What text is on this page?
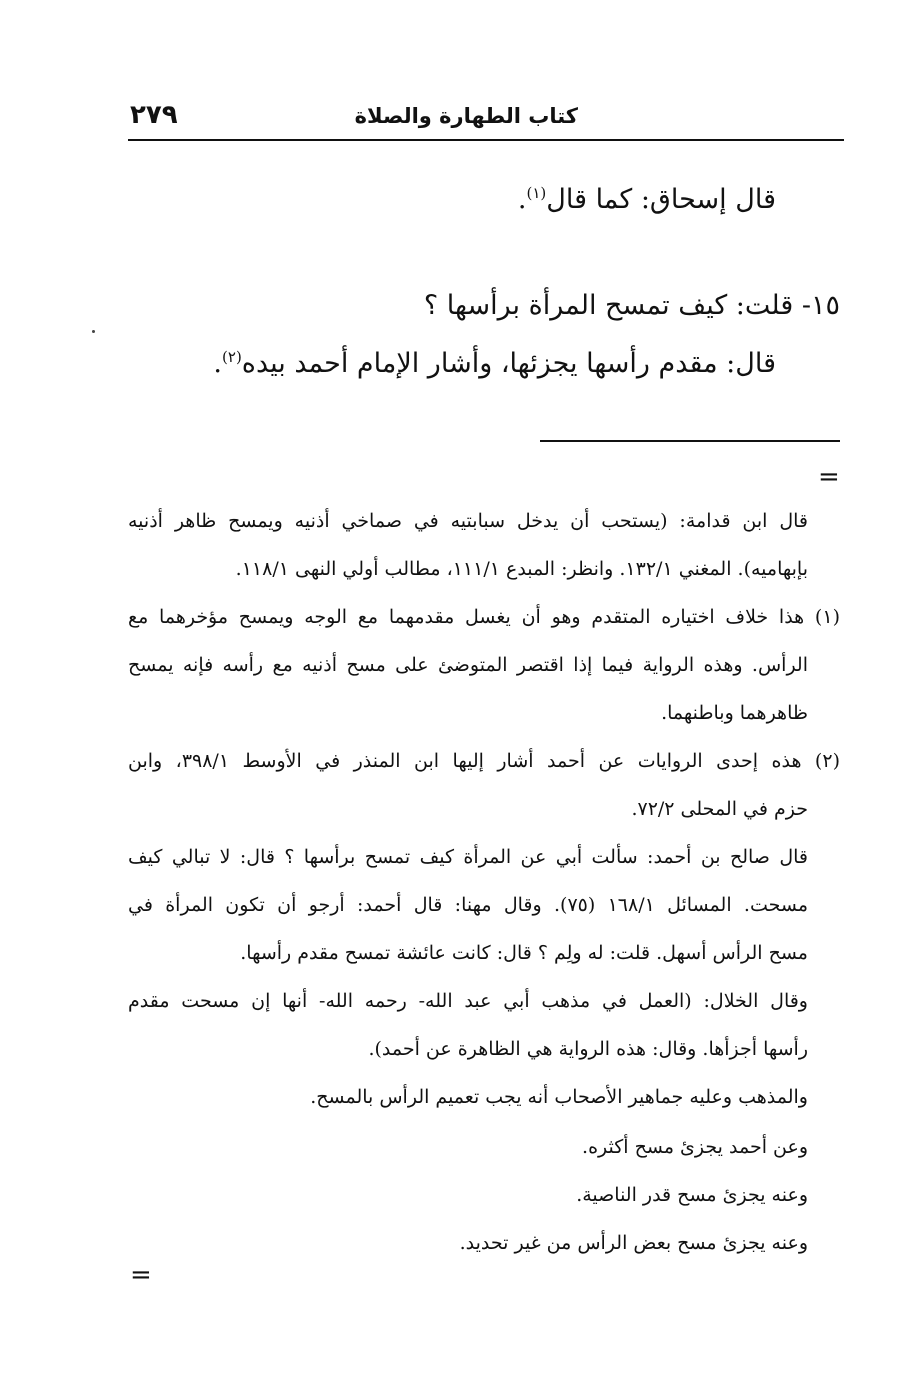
كتاب الطهارة والصلاة
٢٧٩
قال إسحاق: كما قال$^{(١)}$.
١٥- قلت: كيف تمسح المرأة برأسها ؟
قال: مقدم رأسها يجزئها، وأشار الإمام أحمد بيده$^{(٢)}$.
=
قال ابن قدامة: (يستحب أن يدخل سبابتيه في صماخي أذنيه ويمسح ظاهر أذنيه
بإبهاميه). المغني ١٣٢/١. وانظر: المبدع ١١١/١، مطالب أولي النهى ١١٨/١.
(١) هذا خلاف اختياره المتقدم وهو أن يغسل مقدمهما مع الوجه ويمسح مؤخرهما مع
الرأس. وهذه الرواية فيما إذا اقتصر المتوضئ على مسح أذنيه مع رأسه فإنه يمسح
ظاهرهما وباطنهما.
(٢) هذه إحدى الروايات عن أحمد أشار إليها ابن المنذر في الأوسط ٣٩٨/١، وابن
حزم في المحلى ٧٢/٢.
قال صالح بن أحمد: سألت أبي عن المرأة كيف تمسح برأسها ؟ قال: لا تبالي كيف
مسحت. المسائل ١٦٨/١ (٧٥). وقال مهنا: قال أحمد: أرجو أن تكون المرأة في
مسح الرأس أسهل. قلت: له ولِم ؟ قال: كانت عائشة تمسح مقدم رأسها.
وقال الخلال: (العمل في مذهب أبي عبد الله- رحمه الله- أنها إن مسحت مقدم
رأسها أجزأها. وقال: هذه الرواية هي الظاهرة عن أحمد).
والمذهب وعليه جماهير الأصحاب أنه يجب تعميم الرأس بالمسح.
وعن أحمد يجزئ مسح أكثره.
وعنه يجزئ مسح قدر الناصية.
وعنه يجزئ مسح بعض الرأس من غير تحديد.
=
